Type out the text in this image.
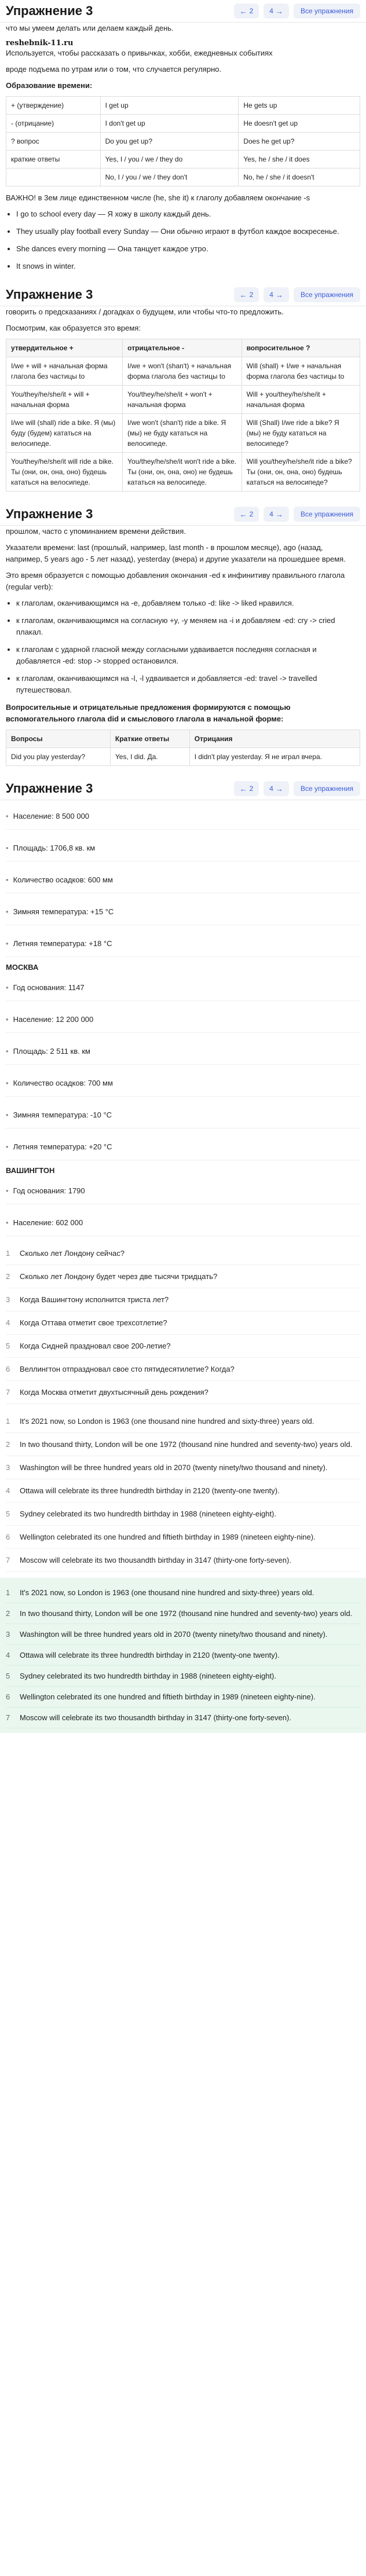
Упражнение 3	← 2 4 →	Все упражнения

что мы умеем делать или делаем каждый день.

reshebnik-11.ru

Используется, чтобы рассказать о привычках, хобби, ежедневных событиях

вроде подъема по утрам или о том, что случается регулярно.

Образование времени:

+ (утверждение)	I get up	He gets up
- (отрицание)	I don't get up	He doesn't get up
? вопрос	Do you get up?	Does he get up?
краткие ответы	Yes, I / you / we / they do	Yes, he / she / it does
	No, I / you / we / they don't	No, he / she / it doesn't

ВАЖНО! в 3ем лице единственном числе (he, she it) к глаголу добавляем окончание -s

• I go to school every day — Я хожу в школу каждый день.
• They usually play football every Sunday — Они обычно играют в футбол каждое воскресенье.
• She dances every morning — Она танцует каждое утро.
• It snows in winter.
Упражнение 3	← 2 4 →	Все упражнения

говорить о предсказаниях / догадках о будущем, или чтобы что-то предложить.

Посмотрим, как образуется это время:

утвердительное +	отрицательное -	вопросительное ?
I/we + will + начальная форма глагола без частицы to	I/we + won't (shan't) + начальная форма глагола без частицы to	Will (shall) + I/we + начальная форма глагола без частицы to
You/they/he/she/it + will + начальная форма	You/they/he/she/it + won't + начальная форма	Will + you/they/he/she/it + начальная форма
I/we will (shall) ride a bike. Я (мы) буду (будем) кататься на велосипеде.	I/we won't (shan't) ride a bike. Я (мы) не буду кататься на велосипеде.	Will (Shall) I/we ride a bike? Я (мы) не буду кататься на велосипеде?
You/they/he/she/it will ride a bike. Ты (они, он, она, оно) будешь кататься на велосипеде.	You/they/he/she/it won't ride a bike. Ты (они, он, она, оно) не будешь кататься на велосипеде.	Will you/they/he/she/it ride a bike? Ты (они, он, она, оно) будешь кататься на велосипеде?
Упражнение 3	← 2 4 →	Все упражнения

прошлом, часто с упоминанием времени действия.

Указатели времени: last (прошлый, например, last month - в прошлом месяце), ago (назад, например, 5 years ago - 5 лет назад), yesterday (вчера) и другие указатели на прошедшее время.

Это время образуется с помощью добавления окончания -ed к инфинитиву правильного глагола (regular verb):

• к глаголам, оканчивающимся на -e, добавляем только -d: like -> liked нравился.
• к глаголам, оканчивающимся на согласную +y, -y меняем на -i и добавляем -ed: cry -> cried плакал.
• к глаголам с ударной гласной между согласными удваивается последняя согласная и добавляется -ed: stop -> stopped остановился.
• к глаголам, оканчивающимся на -l, -l удваивается и добавляется -ed: travel -> travelled путешествовал.

Вопросительные и отрицательные предложения формируются с помощью вспомогательного глагола did и смыслового глагола в начальной форме:

Вопросы	Краткие ответы	Отрицания
Did you play yesterday?	Yes, I did. Да.	I didn't play yesterday. Я не играл вчера.
Упражнение 3	← 2 4 →	Все упражнения
• Население: 8 500 000
• Площадь: 1706,8 кв. км
• Количество осадков: 600 мм
• Зимняя температура: +15 °C
• Летняя температура: +18 °C
МОСКВА
• Год основания: 1147
• Население: 12 200 000
• Площадь: 2 511 кв. км
• Количество осадков: 700 мм
• Зимняя температура: -10 °C
• Летняя температура: +20 °C
ВАШИНГТОН
• Год основания: 1790
• Население: 602 000
1	Сколько лет Лондону сейчас?
2	Сколько лет Лондону будет через две тысячи тридцать?
3	Когда Вашингтону исполнится триста лет?
4	Когда Оттава отметит свое трехсотлетие?
5	Когда Сидней праздновал свое 200-летие?
6	Веллингтон отпраздновал свое сто пятидесятилетие? Когда?
7	Когда Москва отметит двухтысячный день рождения?
1	It's 2021 now, so London is 1963 (one thousand nine hundred and sixty-three) years old.
2	In two thousand thirty, London will be one 1972 (thousand nine hundred and seventy-two) years old.
3	Washington will be three hundred years old in 2070 (twenty ninety/two thousand and ninety).
4	Ottawa will celebrate its three hundredth birthday in 2120 (twenty-one twenty).
5	Sydney celebrated its two hundredth birthday in 1988 (nineteen eighty-eight).
6	Wellington celebrated its one hundred and fiftieth birthday in 1989 (nineteen eighty-nine).
7	Moscow will celebrate its two thousandth birthday in 3147 (thirty-one forty-seven).
1	It's 2021 now, so London is 1963 (one thousand nine hundred and sixty-three) years old.
2	In two thousand thirty, London will be one 1972 (thousand nine hundred and seventy-two) years old.
3	Washington will be three hundred years old in 2070 (twenty ninety/two thousand and ninety).
4	Ottawa will celebrate its three hundredth birthday in 2120 (twenty-one twenty).
5	Sydney celebrated its two hundredth birthday in 1988 (nineteen eighty-eight).
6	Wellington celebrated its one hundred and fiftieth birthday in 1989 (nineteen eighty-nine).
7	Moscow will celebrate its two thousandth birthday in 3147 (thirty-one forty-seven).
